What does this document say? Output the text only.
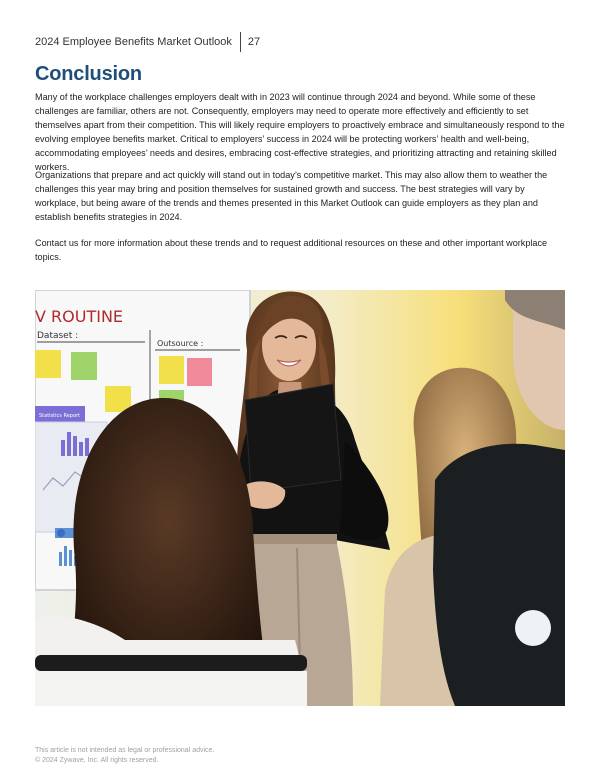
2024 Employee Benefits Market Outlook 27
Conclusion

Many of the workplace challenges employers dealt with in 2023 will continue through 2024 and beyond. While some of these challenges are familiar, others are not. Consequently, employers may need to operate more effectively and efficiently to set themselves apart from their competition. This will likely require employers to proactively embrace and simultaneously respond to the evolving employee benefits market. Critical to employers’ success in 2024 will be protecting workers’ health and well-being, accommodating employees’ needs and desires, embracing cost-effective strategies, and prioritizing attracting and retaining skilled workers.

Organizations that prepare and act quickly will stand out in today’s competitive market. This may also allow them to weather the challenges this year may bring and position themselves for sustained growth and success. The best strategies will vary by workplace, but being aware of the trends and themes presented in this Market Outlook can guide employers as they plan and establish benefits strategies in 2024.

Contact us for more information about these trends and to request additional resources on these and other important workplace topics.

V ROUTINE
Dataset :
Outsource :
Statistics Report
This article is not intended as legal or professional advice.
© 2024 Zywave, Inc. All rights reserved.
